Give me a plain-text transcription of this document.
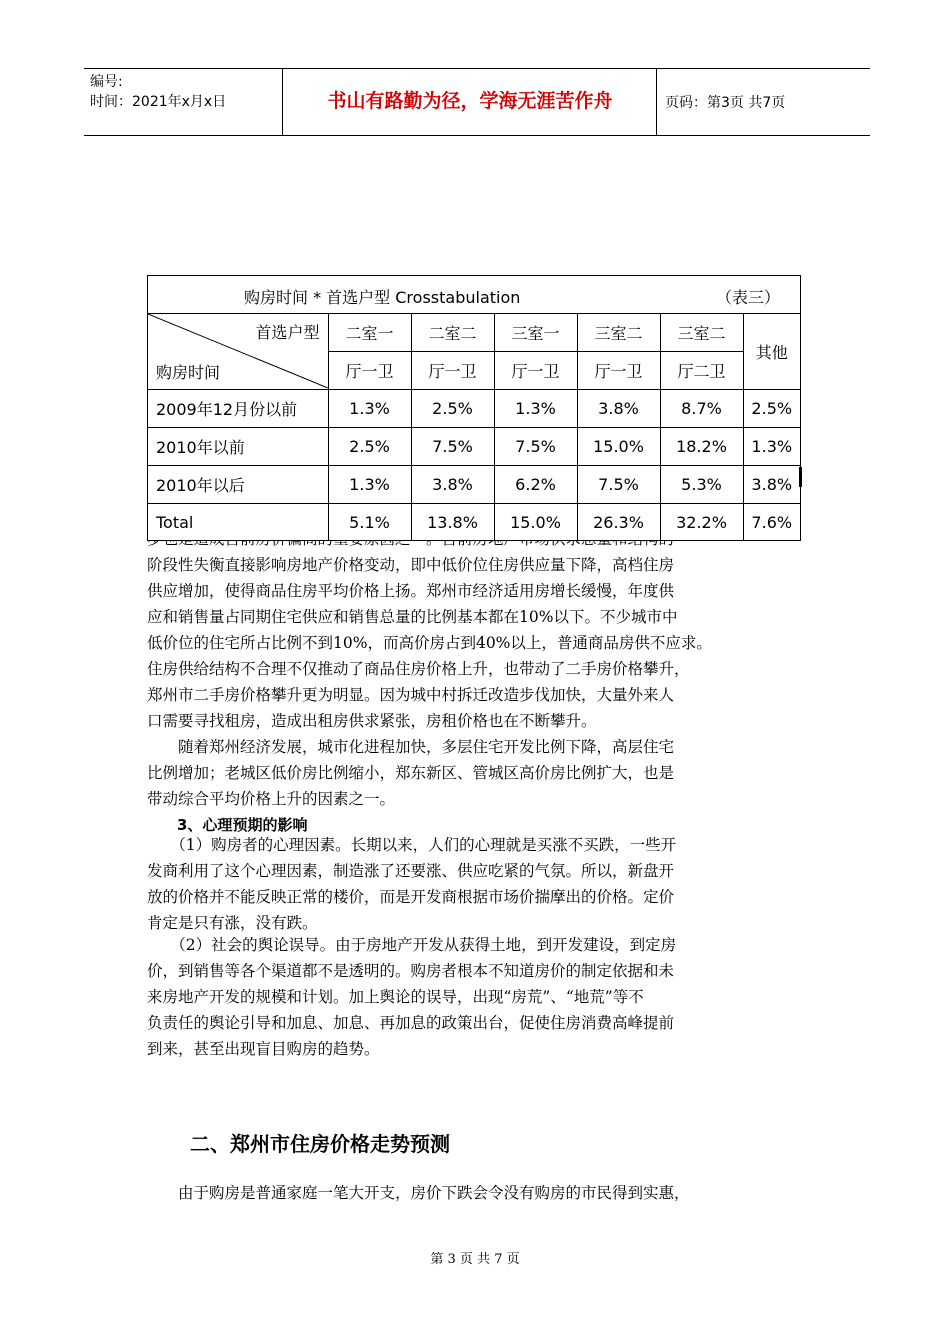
编号:
时间：2021年x月x日	书山有路勤为径，学海无涯苦作舟	页码：第3页 共7页

购房时间 * 首选户型 Crosstabulation	（表三）
首选户型
购房时间	二室一	二室二	三室一	三室二	三室二	其他
	厅一卫	厅一卫	厅一卫	厅一卫	厅二卫	
2009年12月份以前	1.3%	2.5%	1.3%	3.8%	8.7%	2.5%
2010年以前	2.5%	7.5%	7.5%	15.0%	18.2%	1.3%
2010年以后	1.3%	3.8%	6.2%	7.5%	5.3%	3.8%
Total	5.1%	13.8%	15.0%	26.3%	32.2%	7.6%

阶段性失衡直接影响房地产价格变动，即中低价位住房供应量下降，高档住房

供应增加，使得商品住房平均价格上扬。郑州市经济适用房增长缓慢，年度供

应和销售量占同期住宅供应和销售总量的比例基本都在10%以下。不少城市中

低价位的住宅所占比例不到10%，而高价房占到40%以上，普通商品房供不应求。

住房供给结构不合理不仅推动了商品住房价格上升，也带动了二手房价格攀升，

郑州市二手房价格攀升更为明显。因为城中村拆迁改造步伐加快，大量外来人

口需要寻找租房，造成出租房供求紧张，房租价格也在不断攀升。

　　随着郑州经济发展，城市化进程加快，多层住宅开发比例下降，高层住宅

比例增加；老城区低价房比例缩小，郑东新区、管城区高价房比例扩大，也是

带动综合平均价格上升的因素之一。

　　3、心理预期的影响

　　（1）购房者的心理因素。长期以来，人们的心理就是买涨不买跌，一些开

发商利用了这个心理因素，制造涨了还要涨、供应吃紧的气氛。所以，新盘开

放的价格并不能反映正常的楼价，而是开发商根据市场价揣摩出的价格。定价

肯定是只有涨，没有跌。

　　（2）社会的舆论误导。由于房地产开发从获得土地，到开发建设，到定房

价，到销售等各个渠道都不是透明的。购房者根本不知道房价的制定依据和未

来房地产开发的规模和计划。加上舆论的误导，出现“房荒”、“地荒”等不

负责任的舆论引导和加息、加息、再加息的政策出台，促使住房消费高峰提前

到来，甚至出现盲目购房的趋势。

二、郑州市住房价格走势预测

　　由于购房是普通家庭一笔大开支，房价下跌会令没有购房的市民得到实惠，

第 3 页 共 7 页
